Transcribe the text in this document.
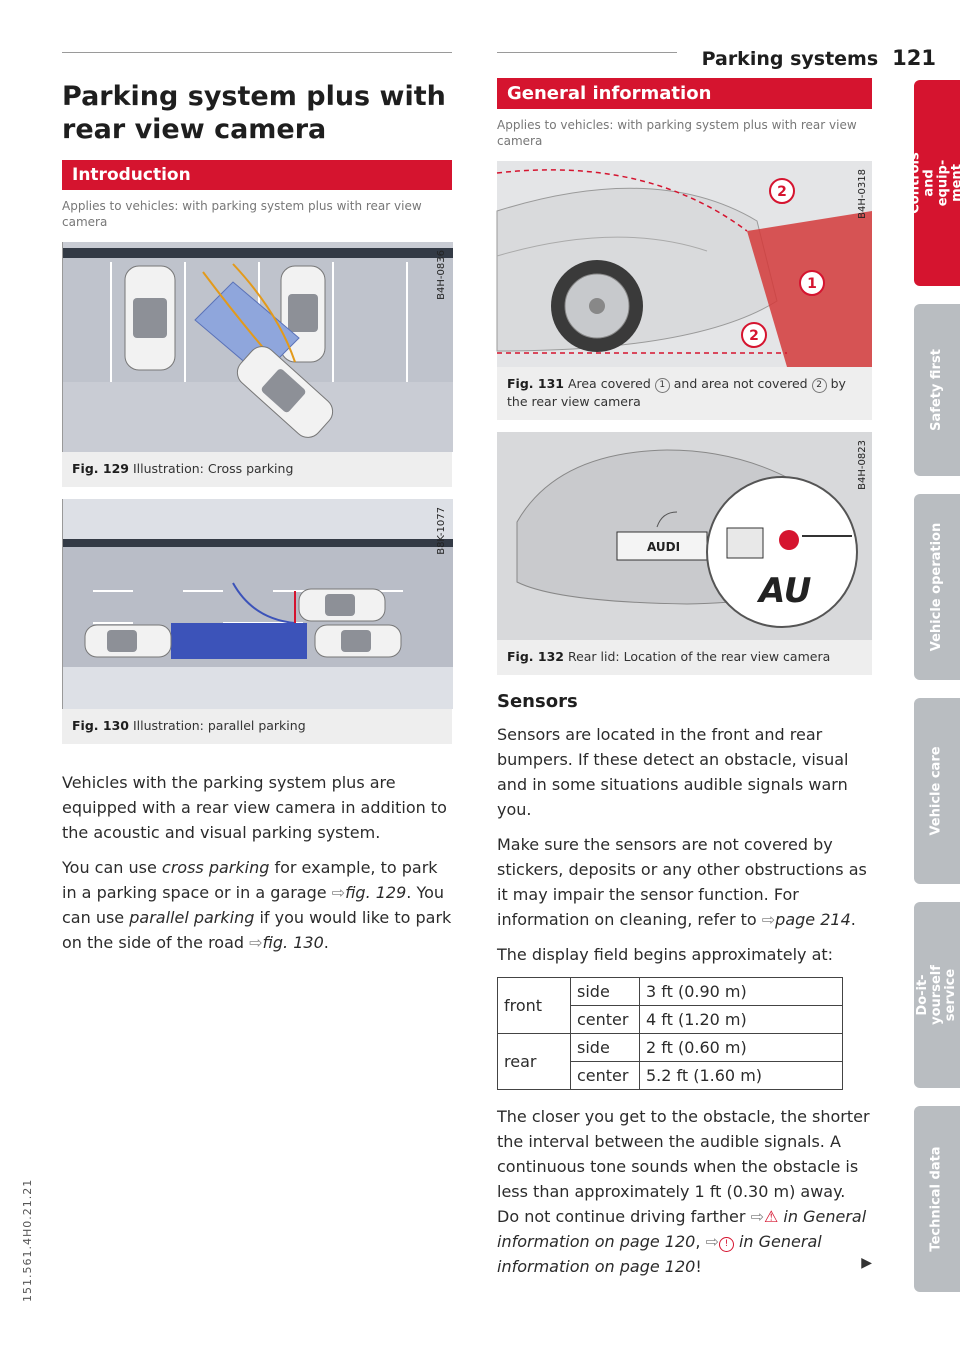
Parking systems 121
151.561.4H0.21.21
Controls and equip- ment
Safety first
Vehicle operation
Vehicle care
Do-it-yourself service
Technical data
Parking system plus with rear view camera
Introduction
Applies to vehicles: with parking system plus with rear view camera
B4H-0836
Fig. 129 Illustration: Cross parking
B8K-1077
Fig. 130 Illustration: parallel parking

Vehicles with the parking system plus are equipped with a rear view camera in addition to the acoustic and visual parking system.

You can use cross parking for example, to park in a parking space or in a garage ⇨fig. 129. You can use parallel parking if you would like to park on the side of the road ⇨fig. 130.

General information
Applies to vehicles: with parking system plus with rear view camera
2
1
2
B4H-0318
Fig. 131 Area covered 1 and area not covered 2 by the rear view camera
AUDI
AU
B4H-0823
Fig. 132 Rear lid: Location of the rear view camera
Sensors

Sensors are located in the front and rear bumpers. If these detect an obstacle, visual and in some situations audible signals warn you.

Make sure the sensors are not covered by stickers, deposits or any other obstructions as it may impair the sensor function. For information on cleaning, refer to ⇨page 214.

The display field begins approximately at:

front	side	3 ft (0.90 m)
	center	4 ft (1.20 m)
rear	side	2 ft (0.60 m)
	center	5.2 ft (1.60 m)

The closer you get to the obstacle, the shorter the interval between the audible signals. A continuous tone sounds when the obstacle is less than approximately 1 ft (0.30 m) away. Do not continue driving farther ⇨⚠ in General information on page 120, ⇨ ! in General information on page 120!	▶
